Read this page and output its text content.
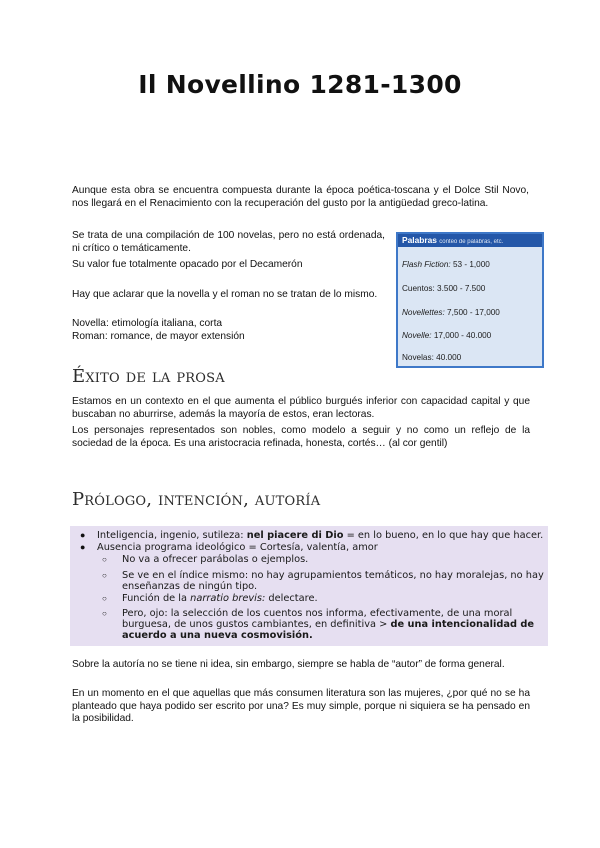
Il Novellino 1281-1300
Aunque esta obra se encuentra compuesta durante la época poética-toscana y el Dolce Stil Novo, nos llegará en el Renacimiento con la recuperación del gusto por la antigüedad greco-latina.
Se trata de una compilación de 100 novelas, pero no está ordenada, ni crítico o temáticamente.
Su valor fue totalmente opacado por el Decamerón
Hay que aclarar que la novella y el roman no se tratan de lo mismo.
Novella: etimología italiana, corta
Roman: romance, de mayor extensión
Palabras conteo de palabras, etc.
Flash Fiction: 53 - 1,000
Cuentos: 3.500 - 7.500
Novellettes: 7,500 - 17,000
Novelle: 17,000 - 40.000
Novelas: 40.000
Éxito de la prosa
Estamos en un contexto en el que aumenta el público burgués inferior con capacidad capital y que buscaban no aburrirse, además la mayoría de estos, eran lectoras.
Los personajes representados son nobles, como modelo a seguir y no como un reflejo de la sociedad de la época. Es una aristocracia refinada, honesta, cortés… (al cor gentil)
Prólogo, intención, autoría
● Inteligencia, ingenio, sutileza: nel piacere di Dio = en lo bueno, en lo que hay que hacer.
● Ausencia programa ideológico = Cortesía, valentía, amor
○ No va a ofrecer parábolas o ejemplos.
○ Se ve en el índice mismo: no hay agrupamientos temáticos, no hay moralejas, no hay
enseñanzas de ningún tipo.
○ Función de la narratio brevis: delectare.
○ Pero, ojo: la selección de los cuentos nos informa, efectivamente, de una moral
burguesa, de unos gustos cambiantes, en definitiva > de una intencionalidad de
acuerdo a una nueva cosmovisión.
Sobre la autoría no se tiene ni idea, sin embargo, siempre se habla de “autor” de forma general.
En un momento en el que aquellas que más consumen literatura son las mujeres, ¿por qué no se ha planteado que haya podido ser escrito por una? Es muy simple, porque ni siquiera se ha pensado en la posibilidad.
